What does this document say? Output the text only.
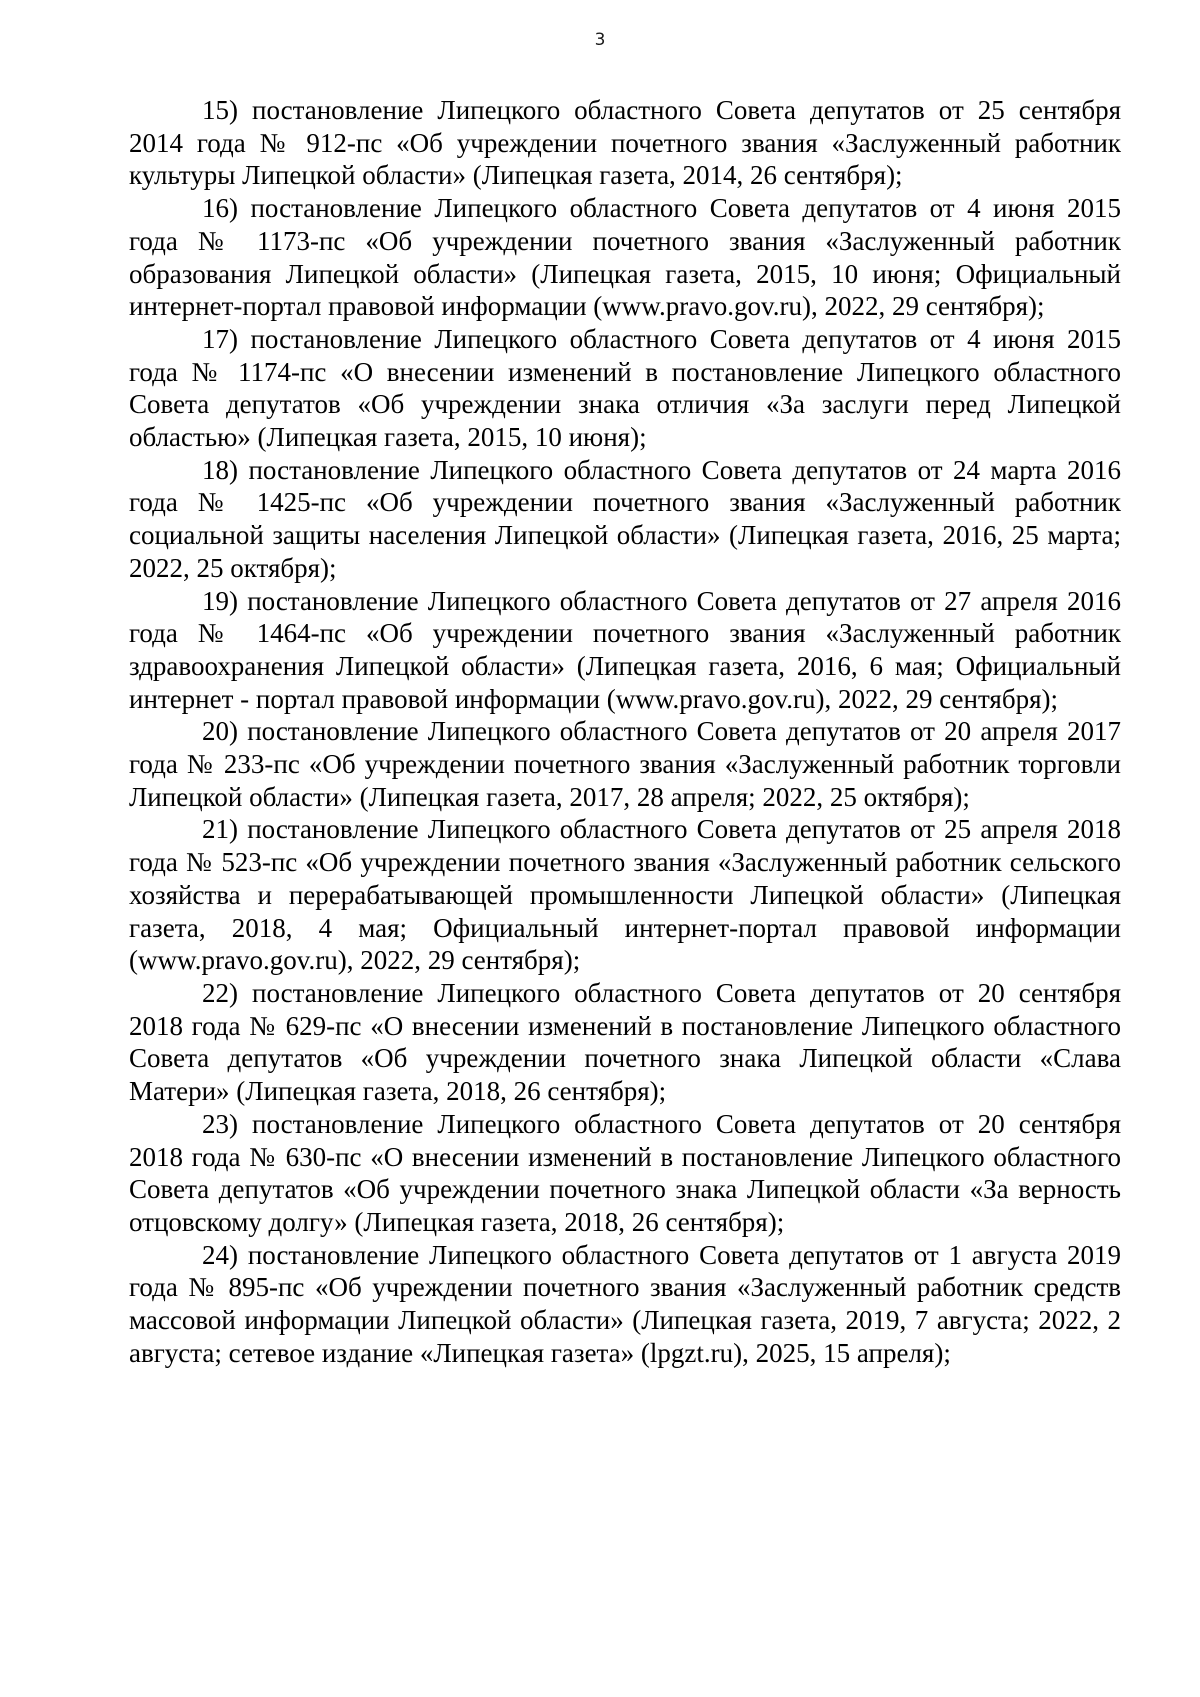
3

15) постановление Липецкого областного Совета депутатов от 25 сентября 2014 года № 912-пс «Об учреждении почетного звания «Заслуженный работник культуры Липецкой области» (Липецкая газета, 2014, 26 сентября);

16) постановление Липецкого областного Совета депутатов от 4 июня 2015 года № 1173-пс «Об учреждении почетного звания «Заслуженный работник образования Липецкой области» (Липецкая газета, 2015, 10 июня; Официальный интернет-портал правовой информации (www.pravo.gov.ru), 2022, 29 сентября);

17) постановление Липецкого областного Совета депутатов от 4 июня 2015 года № 1174-пс «О внесении изменений в постановление Липецкого областного Совета депутатов «Об учреждении знака отличия «За заслуги перед Липецкой областью» (Липецкая газета, 2015, 10 июня);

18) постановление Липецкого областного Совета депутатов от 24 марта 2016 года № 1425-пс «Об учреждении почетного звания «Заслуженный работник социальной защиты населения Липецкой области» (Липецкая газета, 2016, 25 марта; 2022, 25 октября);

19) постановление Липецкого областного Совета депутатов от 27 апреля 2016 года № 1464-пс «Об учреждении почетного звания «Заслуженный работник здравоохранения Липецкой области» (Липецкая газета, 2016, 6 мая; Официальный интернет - портал правовой информации (www.pravo.gov.ru), 2022, 29 сентября);

20) постановление Липецкого областного Совета депутатов от 20 апреля 2017 года № 233-пс «Об учреждении почетного звания «Заслуженный работник торговли Липецкой области» (Липецкая газета, 2017, 28 апреля; 2022, 25 октября);

21) постановление Липецкого областного Совета депутатов от 25 апреля 2018 года № 523-пс «Об учреждении почетного звания «Заслуженный работник сельского хозяйства и перерабатывающей промышленности Липецкой области» (Липецкая газета, 2018, 4 мая; Официальный интернет-портал правовой информации (www.pravo.gov.ru), 2022, 29 сентября);

22) постановление Липецкого областного Совета депутатов от 20 сентября 2018 года № 629-пс «О внесении изменений в постановление Липецкого областного Совета депутатов «Об учреждении почетного знака Липецкой области «Слава Матери» (Липецкая газета, 2018, 26 сентября);

23) постановление Липецкого областного Совета депутатов от 20 сентября 2018 года № 630-пс «О внесении изменений в постановление Липецкого областного Совета депутатов «Об учреждении почетного знака Липецкой области «За верность отцовскому долгу» (Липецкая газета, 2018, 26 сентября);

24) постановление Липецкого областного Совета депутатов от 1 августа 2019 года № 895-пс «Об учреждении почетного звания «Заслуженный работник средств массовой информации Липецкой области» (Липецкая газета, 2019, 7 августа; 2022, 2 августа; сетевое издание «Липецкая газета» (lpgzt.ru), 2025, 15 апреля);
